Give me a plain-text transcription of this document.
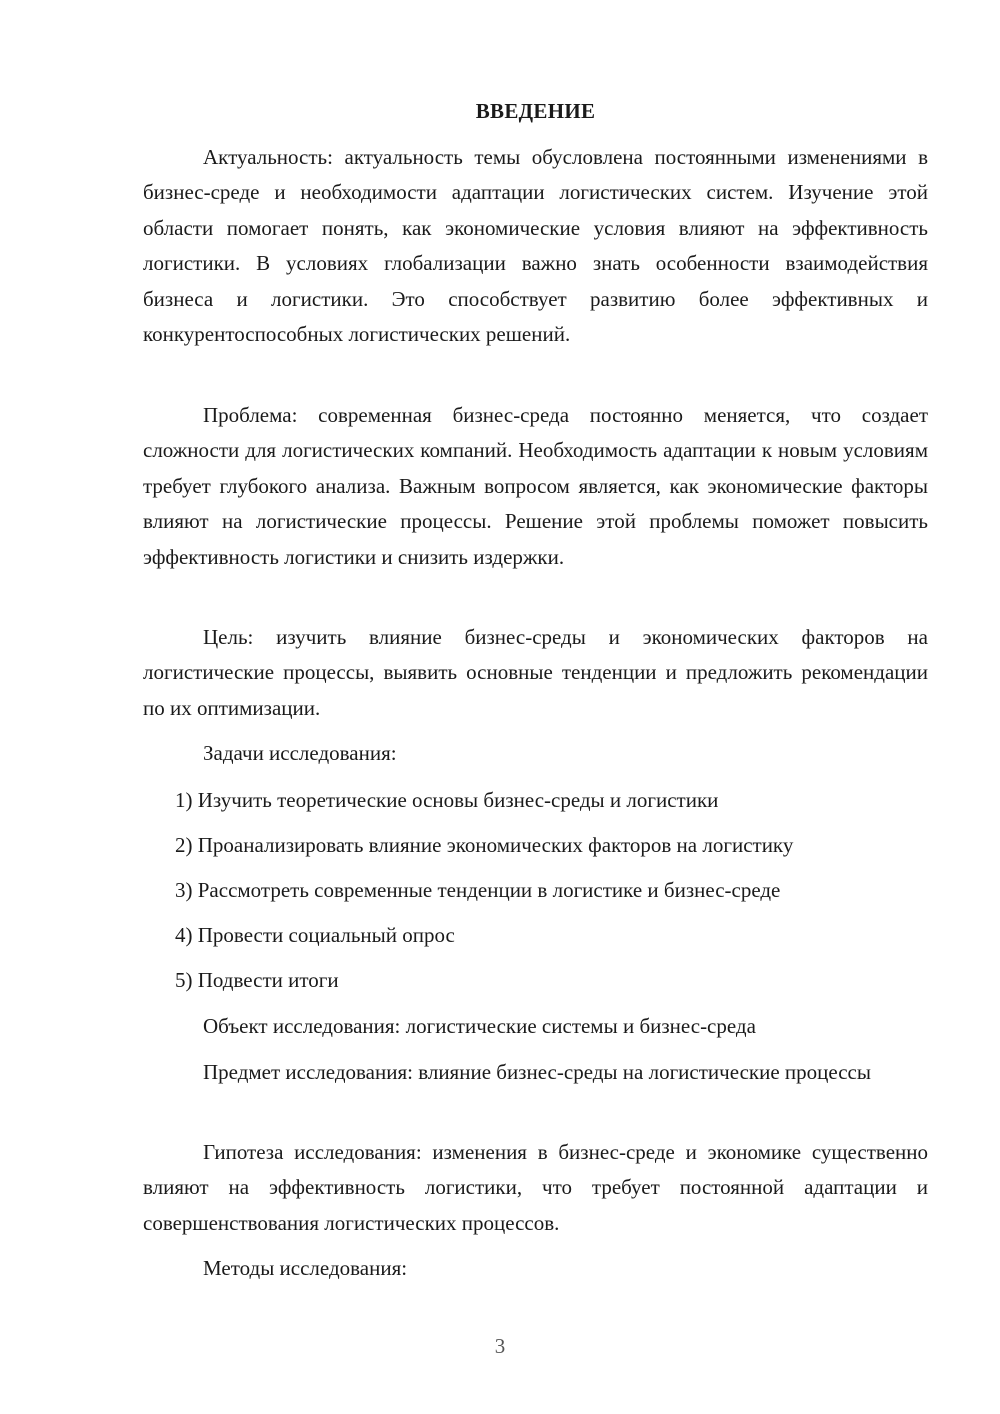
ВВЕДЕНИЕ

Актуальность: актуальность темы обусловлена постоянными изменениями в бизнес-среде и необходимости адаптации логистических систем. Изучение этой области помогает понять, как экономические условия влияют на эффективность логистики. В условиях глобализации важно знать особенности взаимодействия бизнеса и логистики. Это способствует развитию более эффективных и конкурентоспособных логистических решений.

Проблема: современная бизнес-среда постоянно меняется, что создает сложности для логистических компаний. Необходимость адаптации к новым условиям требует глубокого анализа. Важным вопросом является, как экономические факторы влияют на логистические процессы. Решение этой проблемы поможет повысить эффективность логистики и снизить издержки.

Цель: изучить влияние бизнес-среды и экономических факторов на логистические процессы, выявить основные тенденции и предложить рекомендации по их оптимизации.

Задачи исследования:
1) Изучить теоретические основы бизнес-среды и логистики
2) Проанализировать влияние экономических факторов на логистику
3) Рассмотреть современные тенденции в логистике и бизнес-среде
4) Провести социальный опрос
5) Подвести итоги
Объект исследования: логистические системы и бизнес-среда

Предмет исследования: влияние бизнес-среды на логистические процессы

Гипотеза исследования: изменения в бизнес-среде и экономике существенно влияют на эффективность логистики, что требует постоянной адаптации и совершенствования логистических процессов.

Методы исследования:
3
